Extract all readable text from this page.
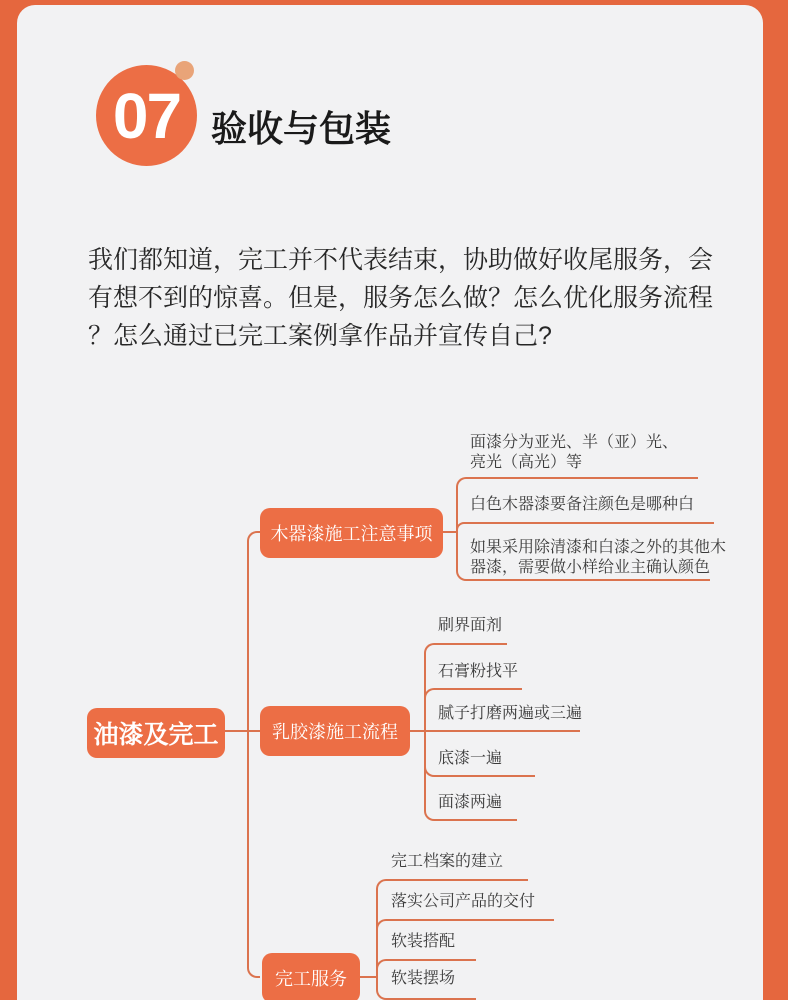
07 验收与包装
我们都知道，完工并不代表结束，协助做好收尾服务，会
有想不到的惊喜。但是，服务怎么做？怎么优化服务流程
？怎么通过已完工案例拿作品并宣传自己?
油漆及完工
木器漆施工注意事项
面漆分为亚光、半（亚）光、亮光（高光）等
白色木器漆要备注颜色是哪种白
如果采用除清漆和白漆之外的其他木器漆，需要做小样给业主确认颜色
乳胶漆施工流程
刷界面剂
石膏粉找平
腻子打磨两遍或三遍
底漆一遍
面漆两遍
完工服务
完工档案的建立
落实公司产品的交付
软装搭配
软装摆场
